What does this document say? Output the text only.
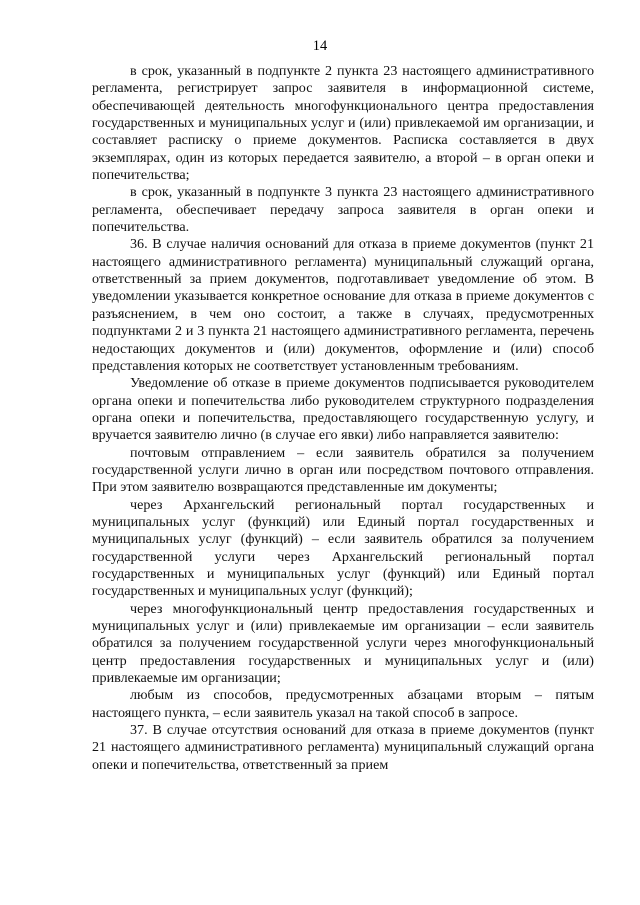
14

в срок, указанный в подпункте 2 пункта 23 настоящего административного регламента, регистрирует запрос заявителя в информационной системе, обеспечивающей деятельность многофункционального центра предоставления государственных и муниципальных услуг и (или) привлекаемой им организации, и составляет расписку о приеме документов. Расписка составляется в двух экземплярах, один из которых передается заявителю, а второй – в орган опеки и попечительства;

в срок, указанный в подпункте 3 пункта 23 настоящего административного регламента, обеспечивает передачу запроса заявителя в орган опеки и попечительства.

36. В случае наличия оснований для отказа в приеме документов (пункт 21 настоящего административного регламента) муниципальный служащий органа, ответственный за прием документов, подготавливает уведомление об этом. В уведомлении указывается конкретное основание для отказа в приеме документов с разъяснением, в чем оно состоит, а также в случаях, предусмотренных подпунктами 2 и 3 пункта 21 настоящего административного регламента, перечень недостающих документов и (или) документов, оформление и (или) способ представления которых не соответствует установленным требованиям.

Уведомление об отказе в приеме документов подписывается руководителем органа опеки и попечительства либо руководителем структурного подразделения органа опеки и попечительства, предоставляющего государственную услугу, и вручается заявителю лично (в случае его явки) либо направляется заявителю:

почтовым отправлением – если заявитель обратился за получением государственной услуги лично в орган или посредством почтового отправления. При этом заявителю возвращаются представленные им документы;

через Архангельский региональный портал государственных и муниципальных услуг (функций) или Единый портал государственных и муниципальных услуг (функций) – если заявитель обратился за получением государственной услуги через Архангельский региональный портал государственных и муниципальных услуг (функций) или Единый портал государственных и муниципальных услуг (функций);

через многофункциональный центр предоставления государственных и муниципальных услуг и (или) привлекаемые им организации – если заявитель обратился за получением государственной услуги через многофункциональный центр предоставления государственных и муниципальных услуг и (или) привлекаемые им организации;

любым из способов, предусмотренных абзацами вторым – пятым настоящего пункта, – если заявитель указал на такой способ в запросе.

37. В случае отсутствия оснований для отказа в приеме документов (пункт 21 настоящего административного регламента) муниципальный служащий органа опеки и попечительства, ответственный за прием
